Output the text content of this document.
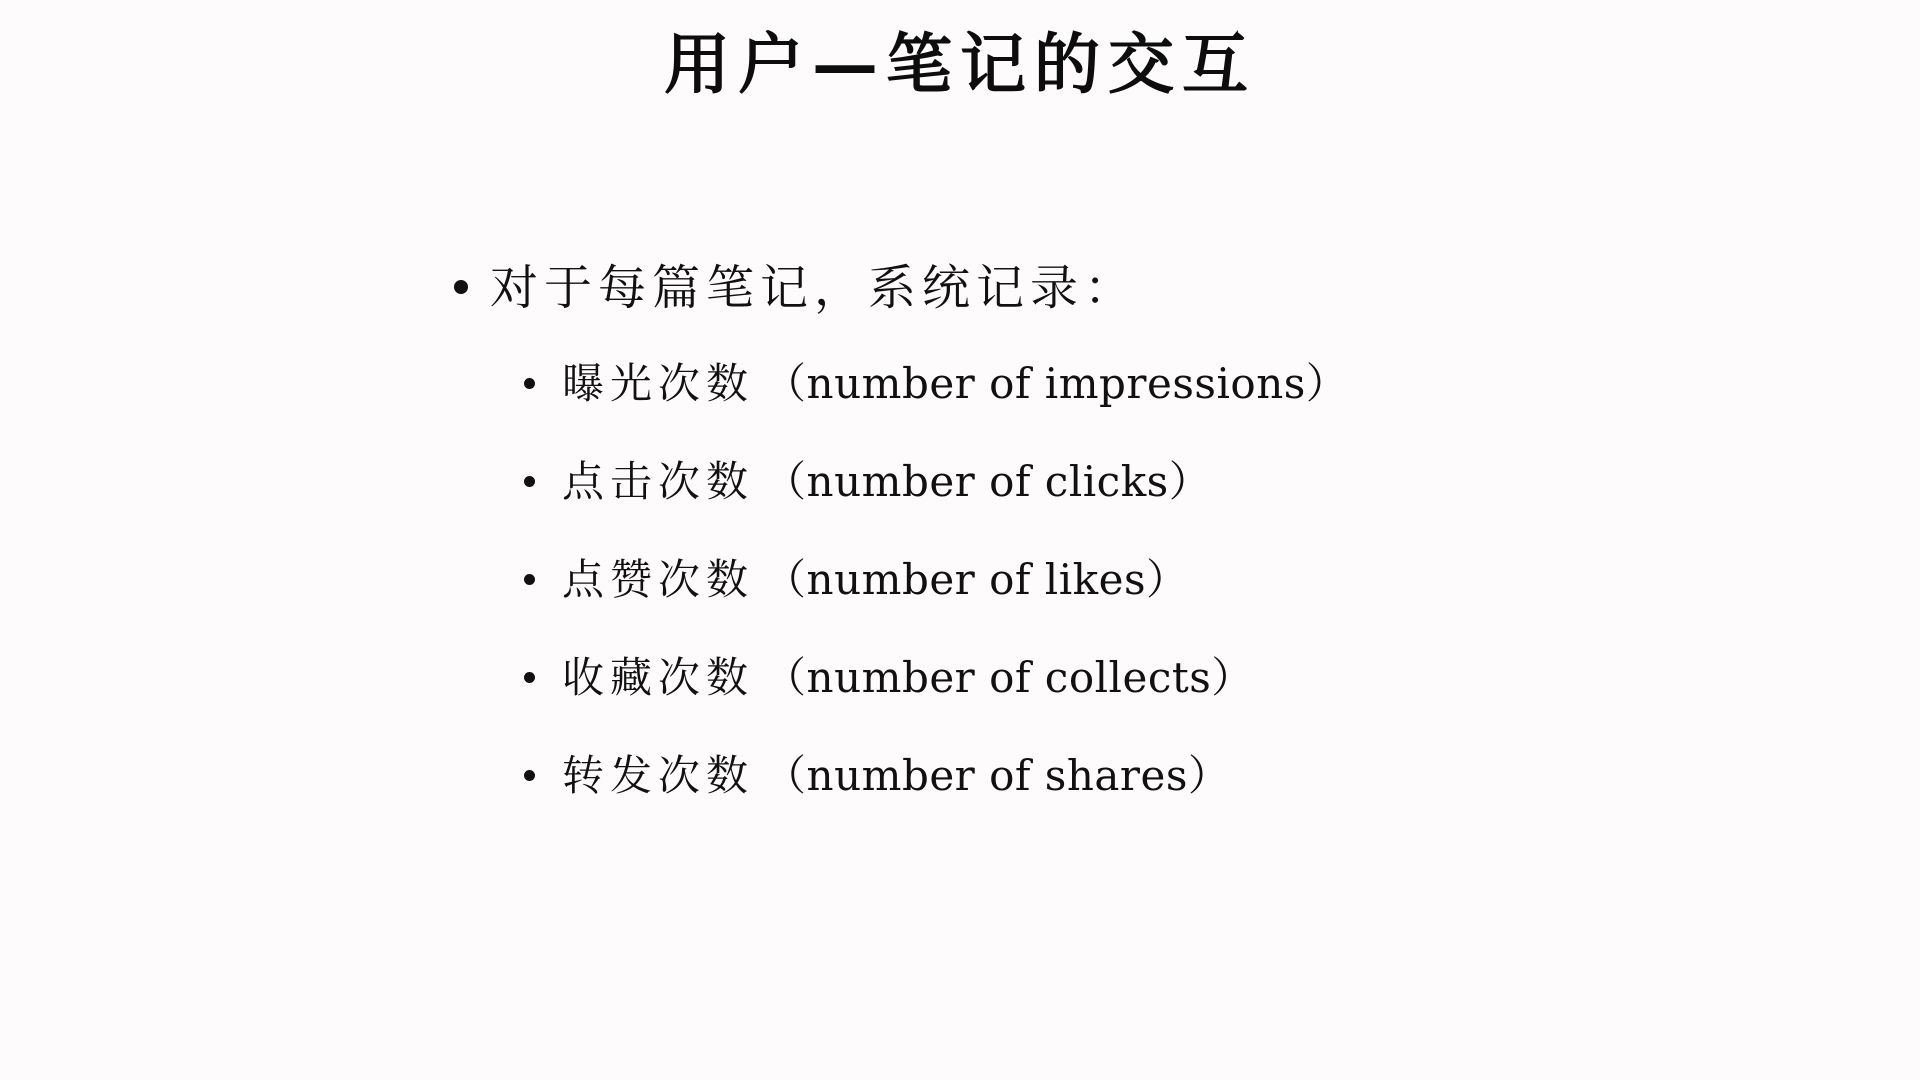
用户—笔记的交互
对于每篇笔记，系统记录：
曝光次数 （number of impressions）
点击次数 （number of clicks）
点赞次数 （number of likes）
收藏次数 （number of collects）
转发次数 （number of shares）
